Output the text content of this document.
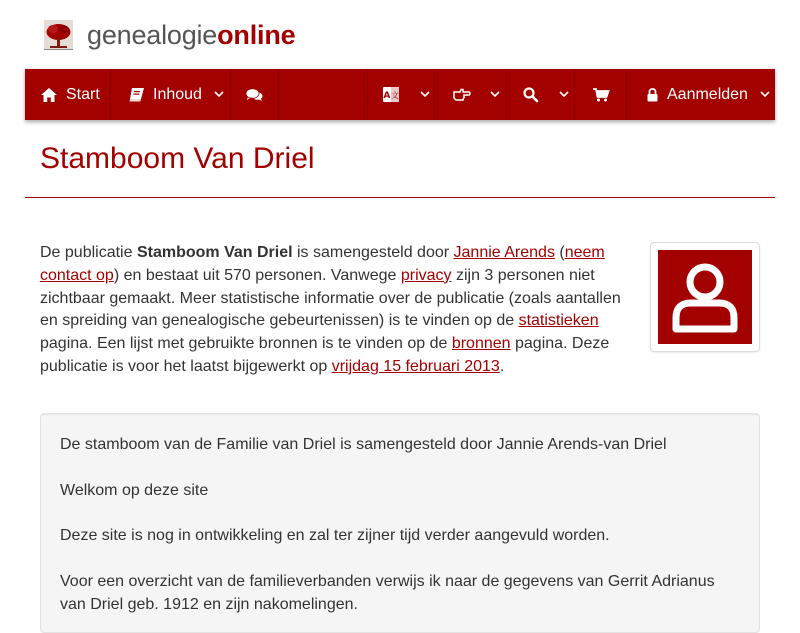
genealogieonline
Start	Inhoud	A 文	Aanmelden
Stamboom Van Driel

De publicatie Stamboom Van Driel is samengesteld door Jannie Arends (neem contact op) en bestaat uit 570 personen. Vanwege privacy zijn 3 personen niet zichtbaar gemaakt. Meer statistische informatie over de publicatie (zoals aantallen en spreiding van genealogische gebeurtenissen) is te vinden op de statistieken pagina. Een lijst met gebruikte bronnen is te vinden op de bronnen pagina. Deze publicatie is voor het laatst bijgewerkt op vrijdag 15 februari 2013.

De stamboom van de Familie van Driel is samengesteld door Jannie Arends-van Driel

Welkom op deze site

Deze site is nog in ontwikkeling en zal ter zijner tijd verder aangevuld worden.

Voor een overzicht van de familieverbanden verwijs ik naar de gegevens van Gerrit Adrianus van Driel geb. 1912 en zijn nakomelingen.
